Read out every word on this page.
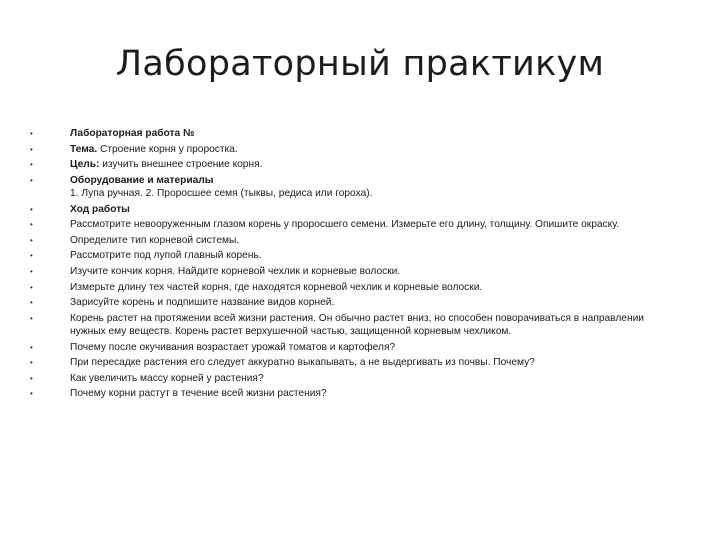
Лабораторный практикум
•	Лабораторная работа №
•	Тема. Строение корня у проростка.
•	Цель: изучить внешнее строение корня.
•	Оборудование и материалы
1. Лупа ручная. 2. Проросшее семя (тыквы, редиса или гороха).
•	Ход работы
•	Рассмотрите невооруженным глазом корень у проросшего семени. Измерьте его длину, толщину. Опишите окраску.
•	Определите тип корневой системы.
•	Рассмотрите под лупой главный корень.
•	Изучите кончик корня. Найдите корневой чехлик и корневые волоски.
•	Измерьте длину тех частей корня, где находятся корневой чехлик и корневые волоски.
•	Зарисуйте корень и подпишите название видов корней.
•	Корень растет на протяжении всей жизни растения. Он обычно растет вниз, но способен поворачиваться в направлении нужных ему веществ. Корень растет верхушечной частью, защищенной корневым чехликом.
•	Почему после окучивания возрастает урожай томатов и картофеля?
•	При пересадке растения его следует аккуратно выкапывать, а не выдергивать из почвы. Почему?
•	Как увеличить массу корней у растения?
•	Почему корни растут в течение всей жизни растения?
